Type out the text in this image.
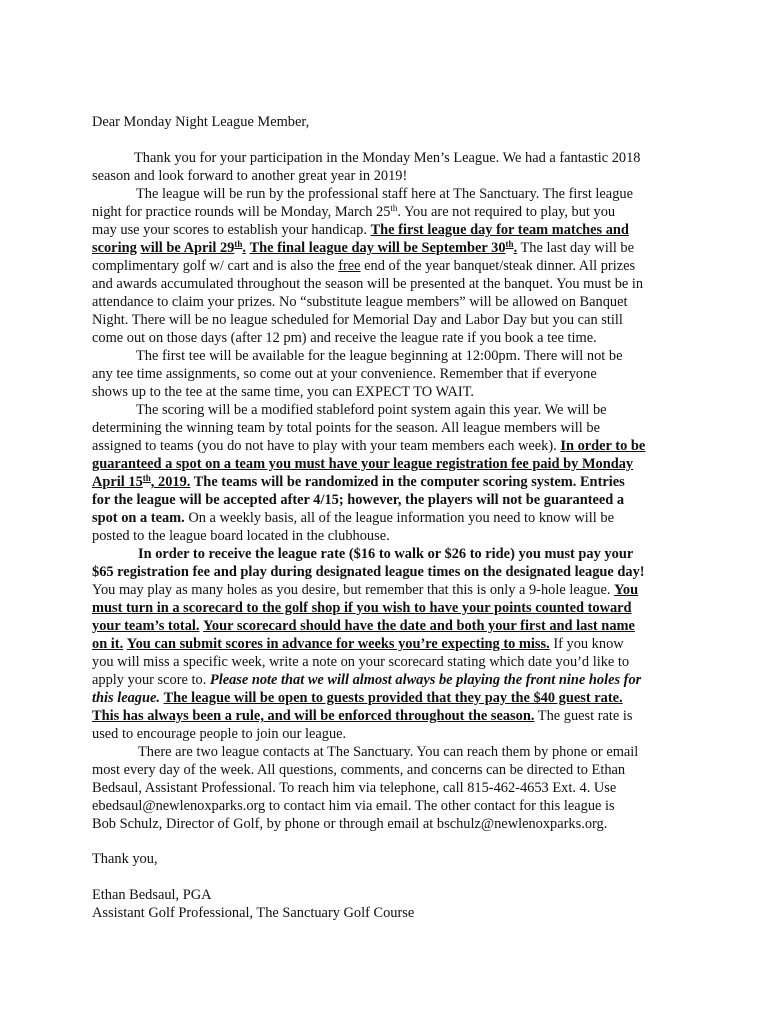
Dear Monday Night League Member,
Thank you for your participation in the Monday Men’s League. We had a fantastic 2018
season and look forward to another great year in 2019!
The league will be run by the professional staff here at The Sanctuary. The first league
night for practice rounds will be Monday, March 25th. You are not required to play, but you
may use your scores to establish your handicap. The first league day for team matches and
scoring will be April 29th. The final league day will be September 30th. The last day will be
complimentary golf w/ cart and is also the free end of the year banquet/steak dinner. All prizes
and awards accumulated throughout the season will be presented at the banquet. You must be in
attendance to claim your prizes. No “substitute league members” will be allowed on Banquet
Night. There will be no league scheduled for Memorial Day and Labor Day but you can still
come out on those days (after 12 pm) and receive the league rate if you book a tee time.
The first tee will be available for the league beginning at 12:00pm. There will not be
any tee time assignments, so come out at your convenience. Remember that if everyone
shows up to the tee at the same time, you can EXPECT TO WAIT.
The scoring will be a modified stableford point system again this year. We will be
determining the winning team by total points for the season. All league members will be
assigned to teams (you do not have to play with your team members each week). In order to be
guaranteed a spot on a team you must have your league registration fee paid by Monday
April 15th, 2019. The teams will be randomized in the computer scoring system. Entries
for the league will be accepted after 4/15; however, the players will not be guaranteed a
spot on a team. On a weekly basis, all of the league information you need to know will be
posted to the league board located in the clubhouse.
In order to receive the league rate ($16 to walk or $26 to ride) you must pay your
$65 registration fee and play during designated league times on the designated league day!
You may play as many holes as you desire, but remember that this is only a 9-hole league. You
must turn in a scorecard to the golf shop if you wish to have your points counted toward
your team’s total. Your scorecard should have the date and both your first and last name
on it. You can submit scores in advance for weeks you’re expecting to miss. If you know
you will miss a specific week, write a note on your scorecard stating which date you’d like to
apply your score to. Please note that we will almost always be playing the front nine holes for
this league. The league will be open to guests provided that they pay the $40 guest rate.
This has always been a rule, and will be enforced throughout the season. The guest rate is
used to encourage people to join our league.
There are two league contacts at The Sanctuary. You can reach them by phone or email
most every day of the week. All questions, comments, and concerns can be directed to Ethan
Bedsaul, Assistant Professional. To reach him via telephone, call 815-462-4653 Ext. 4. Use
ebedsaul@newlenoxparks.org to contact him via email. The other contact for this league is
Bob Schulz, Director of Golf, by phone or through email at bschulz@newlenoxparks.org.
Thank you,
Ethan Bedsaul, PGA
Assistant Golf Professional, The Sanctuary Golf Course
